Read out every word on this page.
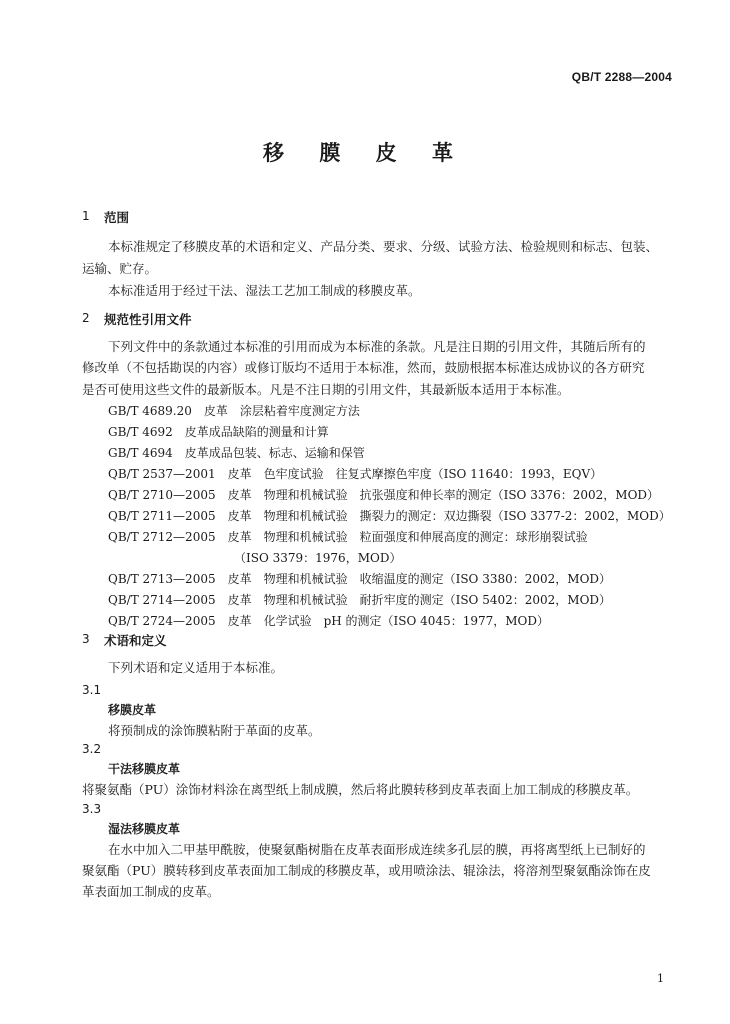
QB/T 2288—2004
移 膜 皮 革
1 范围
本标准规定了移膜皮革的术语和定义、产品分类、要求、分级、试验方法、检验规则和标志、包装、
运输、贮存。
本标准适用于经过干法、湿法工艺加工制成的移膜皮革。
2 规范性引用文件
下列文件中的条款通过本标准的引用而成为本标准的条款。凡是注日期的引用文件，其随后所有的
修改单（不包括勘误的内容）或修订版均不适用于本标准，然而，鼓励根据本标准达成协议的各方研究
是否可使用这些文件的最新版本。凡是不注日期的引用文件，其最新版本适用于本标准。
GB/T 4689.20　皮革　涂层粘着牢度测定方法
GB/T 4692　皮革成品缺陷的测量和计算
GB/T 4694　皮革成品包装、标志、运输和保管
QB/T 2537—2001　皮革　色牢度试验　往复式摩擦色牢度（ISO 11640：1993，EQV）
QB/T 2710—2005　皮革　物理和机械试验　抗张强度和伸长率的测定（ISO 3376：2002，MOD）
QB/T 2711—2005　皮革　物理和机械试验　撕裂力的测定：双边撕裂（ISO 3377-2：2002，MOD）
QB/T 2712—2005　皮革　物理和机械试验　粒面强度和伸展高度的测定：球形崩裂试验
（ISO 3379：1976，MOD）
QB/T 2713—2005　皮革　物理和机械试验　收缩温度的测定（ISO 3380：2002，MOD）
QB/T 2714—2005　皮革　物理和机械试验　耐折牢度的测定（ISO 5402：2002，MOD）
QB/T 2724—2005　皮革　化学试验　pH 的测定（ISO 4045：1977，MOD）
3 术语和定义
下列术语和定义适用于本标准。
3.1
移膜皮革
将预制成的涂饰膜粘附于革面的皮革。
3.2
干法移膜皮革
将聚氨酯（PU）涂饰材料涂在离型纸上制成膜，然后将此膜转移到皮革表面上加工制成的移膜皮革。
3.3
湿法移膜皮革
在水中加入二甲基甲酰胺，使聚氨酯树脂在皮革表面形成连续多孔层的膜，再将离型纸上已制好的
聚氨酯（PU）膜转移到皮革表面加工制成的移膜皮革，或用喷涂法、辊涂法，将溶剂型聚氨酯涂饰在皮
革表面加工制成的皮革。
1
